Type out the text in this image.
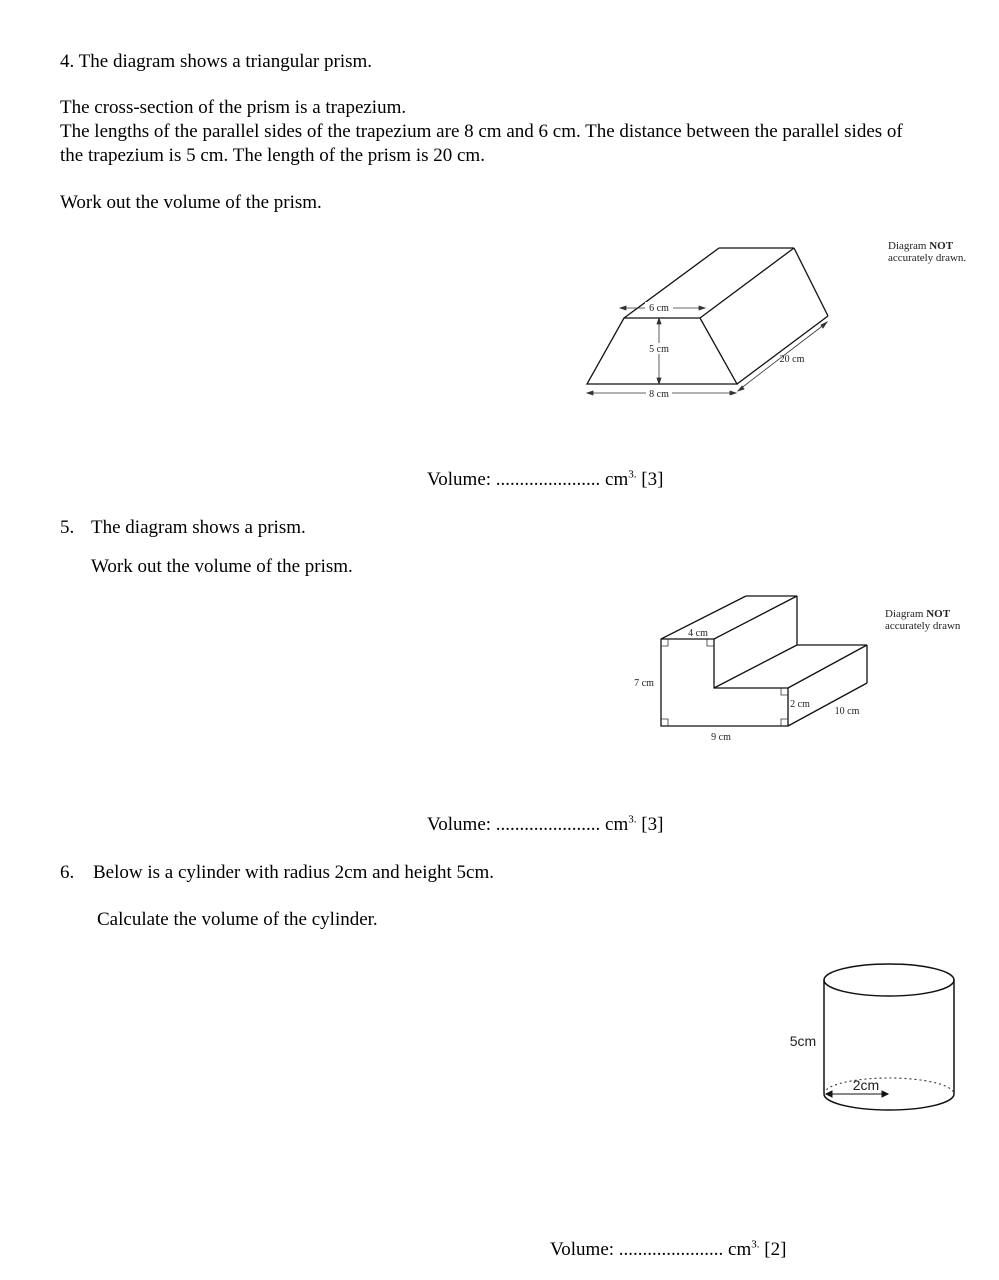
4. The diagram shows a triangular prism.
The cross-section of the prism is a trapezium.
The lengths of the parallel sides of the trapezium are 8 cm and 6 cm. The distance between the parallel sides of
the trapezium is 5 cm. The length of the prism is 20 cm.
Work out the volume of the prism.
Diagram NOT
accurately drawn.
6 cm
5 cm
8 cm
20 cm
Volume: ...................... $cm^{3.}$ [3]
5. The diagram shows a prism.
Work out the volume of the prism.
Diagram NOT
accurately drawn
4 cm
7 cm
2 cm
10 cm
9 cm
Volume: ...................... $cm^{3.}$ [3]
6. Below is a cylinder with radius 2cm and height 5cm.
Calculate the volume of the cylinder.
5cm
2cm
Volume: ...................... $cm^{3.}$ [2]
